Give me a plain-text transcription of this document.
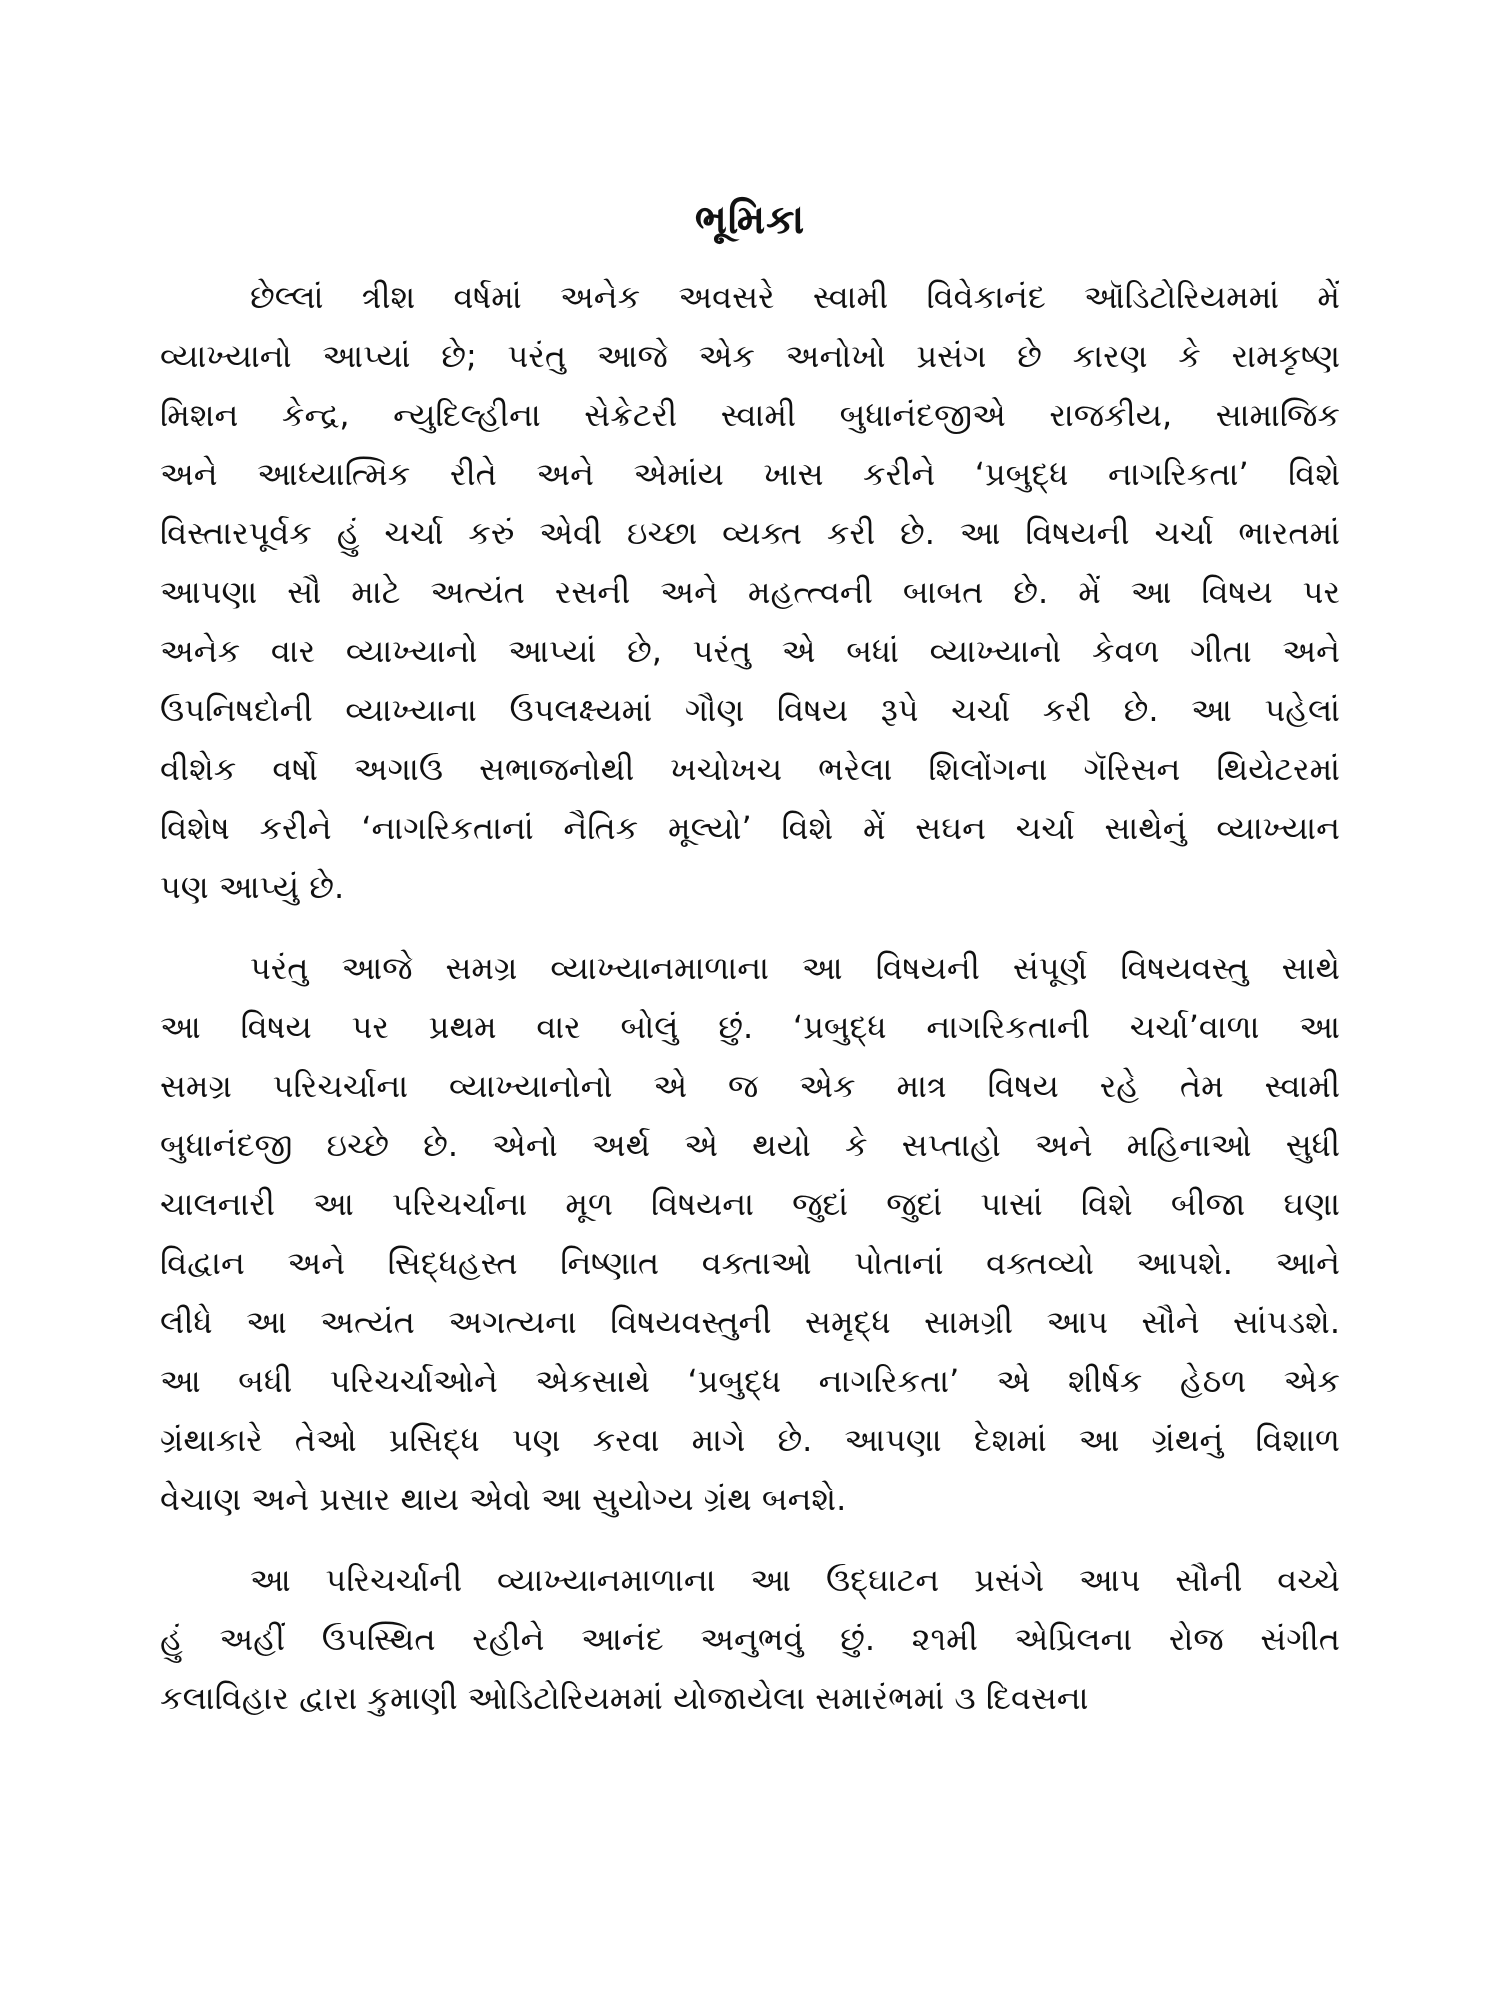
ભૂમિકા
છેલ્લાં ત્રીશ વર્ષમાં અનેક અવસરે સ્વામી વિવેકાનંદ ઑડિટોરિયમમાં મેં
વ્યાખ્યાનો આપ્યાં છે; પરંતુ આજે એક અનોખો પ્રસંગ છે કારણ કે રામકૃષ્ણ
મિશન કેન્દ્ર, ન્યુદિલ્હીના સેક્રેટરી સ્વામી બુધાનંદજીએ રાજકીય, સામાજિક
અને આધ્યાત્મિક રીતે અને એમાંય ખાસ કરીને ‘પ્રબુદ્ધ નાગરિકતા’ વિશે
વિસ્તારપૂર્વક હું ચર્ચા કરું એવી ઇચ્છા વ્યક્ત કરી છે. આ વિષયની ચર્ચા ભારતમાં
આપણા સૌ માટે અત્યંત રસની અને મહત્ત્વની બાબત છે. મેં આ વિષય પર
અનેક વાર વ્યાખ્યાનો આપ્યાં છે, પરંતુ એ બધાં વ્યાખ્યાનો કેવળ ગીતા અને
ઉપનિષદોની વ્યાખ્યાના ઉપલક્ષ્યમાં ગૌણ વિષય રૂપે ચર્ચા કરી છે. આ પહેલાં
વીશેક વર્ષો અગાઉ સભાજનોથી ખચોખચ ભરેલા શિલોંગના ગૅરિસન થિયેટરમાં
વિશેષ કરીને ‘નાગરિકતાનાં નૈતિક મૂલ્યો’ વિશે મેં સઘન ચર્ચા સાથેનું વ્યાખ્યાન
પણ આપ્યું છે.
પરંતુ આજે સમગ્ર વ્યાખ્યાનમાળાના આ વિષયની સંપૂર્ણ વિષયવસ્તુ સાથે
આ વિષય પર પ્રથમ વાર બોલું છું. ‘પ્રબુદ્ધ નાગરિકતાની ચર્ચા’વાળા આ
સમગ્ર પરિચર્ચાના વ્યાખ્યાનોનો એ જ એક માત્ર વિષય રહે તેમ સ્વામી
બુધાનંદજી ઇચ્છે છે. એનો અર્થ એ થયો કે સપ્તાહો અને મહિનાઓ સુધી
ચાલનારી આ પરિચર્ચાના મૂળ વિષયના જુદાં જુદાં પાસાં વિશે બીજા ઘણા
વિદ્વાન અને સિદ્ધહસ્ત નિષ્ણાત વક્તાઓ પોતાનાં વક્તવ્યો આપશે. આને
લીધે આ અત્યંત અગત્યના વિષયવસ્તુની સમૃદ્ધ સામગ્રી આપ સૌને સાંપડશે.
આ બધી પરિચર્ચાઓને એકસાથે ‘પ્રબુદ્ધ નાગરિકતા’ એ શીર્ષક હેઠળ એક
ગ્રંથાકારે તેઓ પ્રસિદ્ધ પણ કરવા માગે છે. આપણા દેશમાં આ ગ્રંથનું વિશાળ
વેચાણ અને પ્રસાર થાય એવો આ સુયોગ્ય ગ્રંથ બનશે.
આ પરિચર્ચાની વ્યાખ્યાનમાળાના આ ઉદ્ઘાટન પ્રસંગે આપ સૌની વચ્ચે
હું અહીં ઉપસ્થિત રહીને આનંદ અનુભવું છું. ૨૧મી એપ્રિલના રોજ સંગીત
કલાવિહાર દ્વારા કુમાણી ઓડિટોરિયમમાં યોજાયેલા સમારંભમાં ૩ દિવસના
